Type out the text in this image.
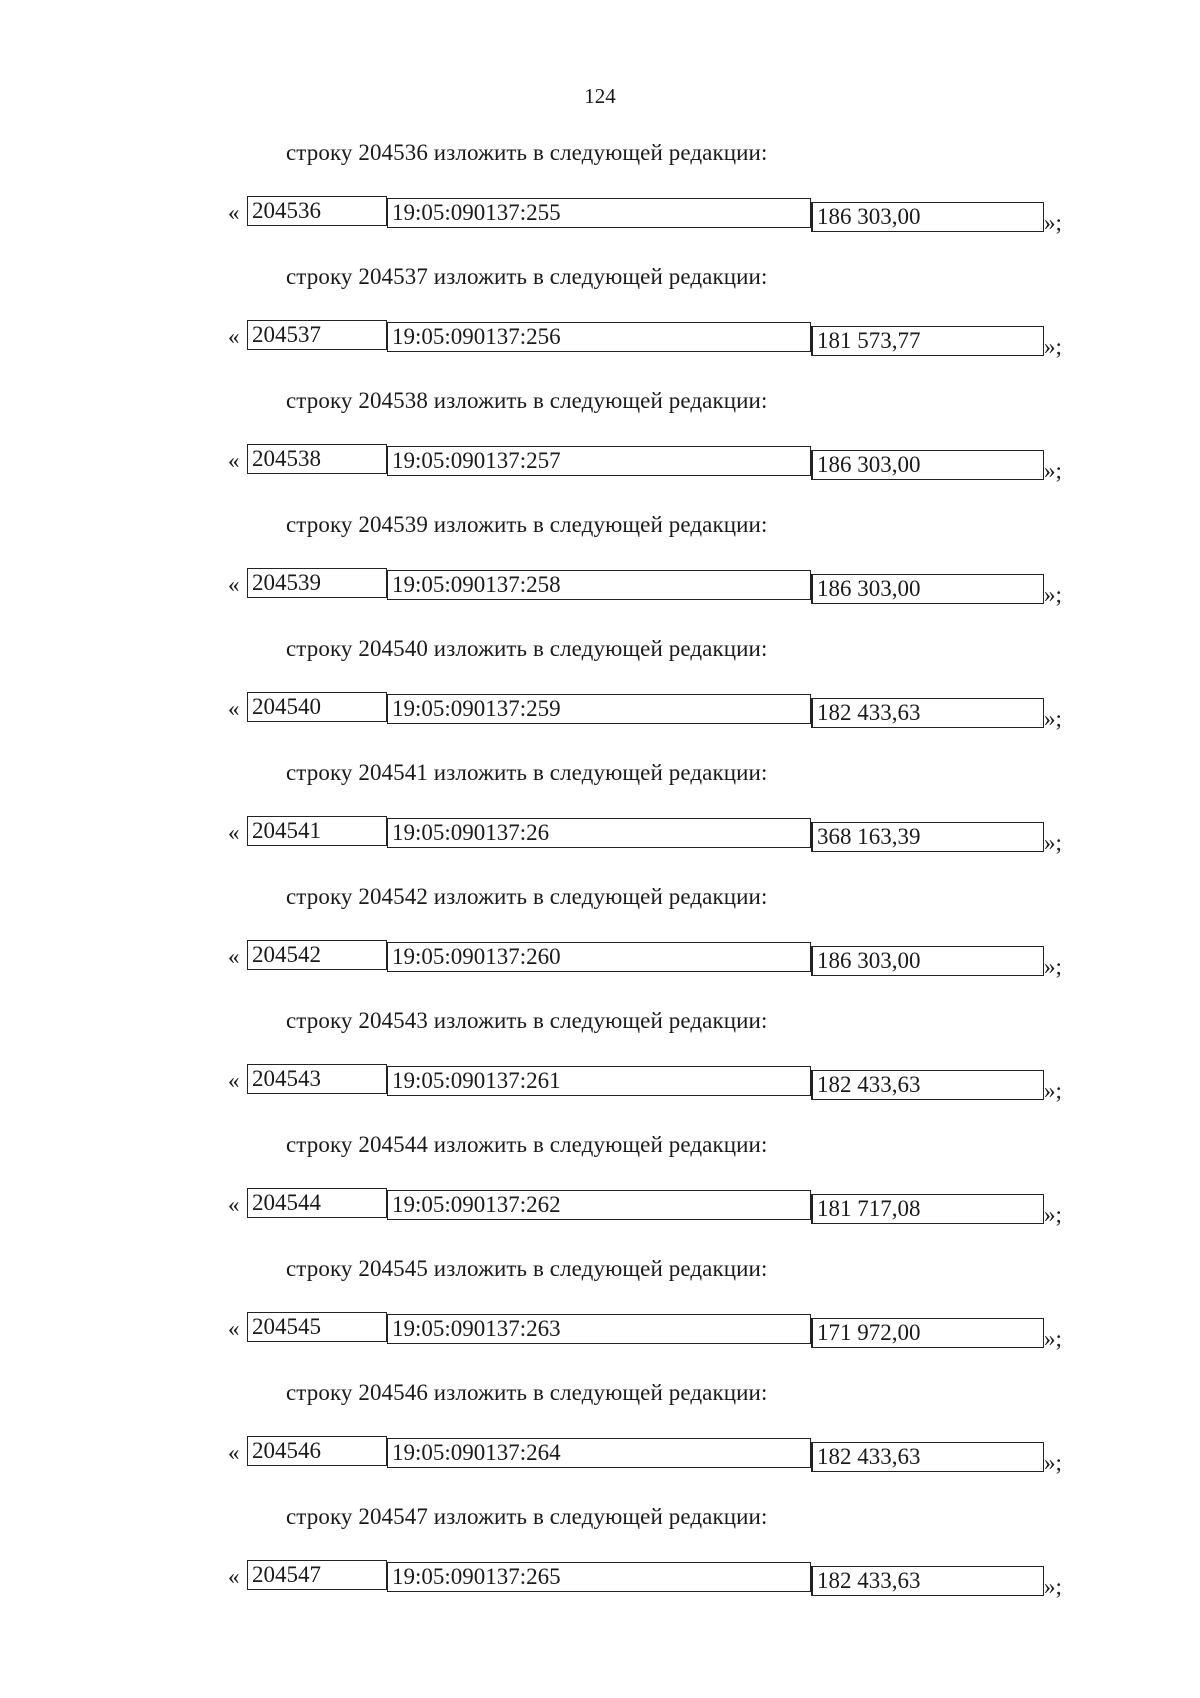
124
строку 204536 изложить в следующей редакции:
« 204536	19:05:090137:255	186 303,00	»;
строку 204537 изложить в следующей редакции:
« 204537	19:05:090137:256	181 573,77	»;
строку 204538 изложить в следующей редакции:
« 204538	19:05:090137:257	186 303,00	»;
строку 204539 изложить в следующей редакции:
« 204539	19:05:090137:258	186 303,00	»;
строку 204540 изложить в следующей редакции:
« 204540	19:05:090137:259	182 433,63	»;
строку 204541 изложить в следующей редакции:
« 204541	19:05:090137:26	368 163,39	»;
строку 204542 изложить в следующей редакции:
« 204542	19:05:090137:260	186 303,00	»;
строку 204543 изложить в следующей редакции:
« 204543	19:05:090137:261	182 433,63	»;
строку 204544 изложить в следующей редакции:
« 204544	19:05:090137:262	181 717,08	»;
строку 204545 изложить в следующей редакции:
« 204545	19:05:090137:263	171 972,00	»;
строку 204546 изложить в следующей редакции:
« 204546	19:05:090137:264	182 433,63	»;
строку 204547 изложить в следующей редакции:
« 204547	19:05:090137:265	182 433,63	»;
